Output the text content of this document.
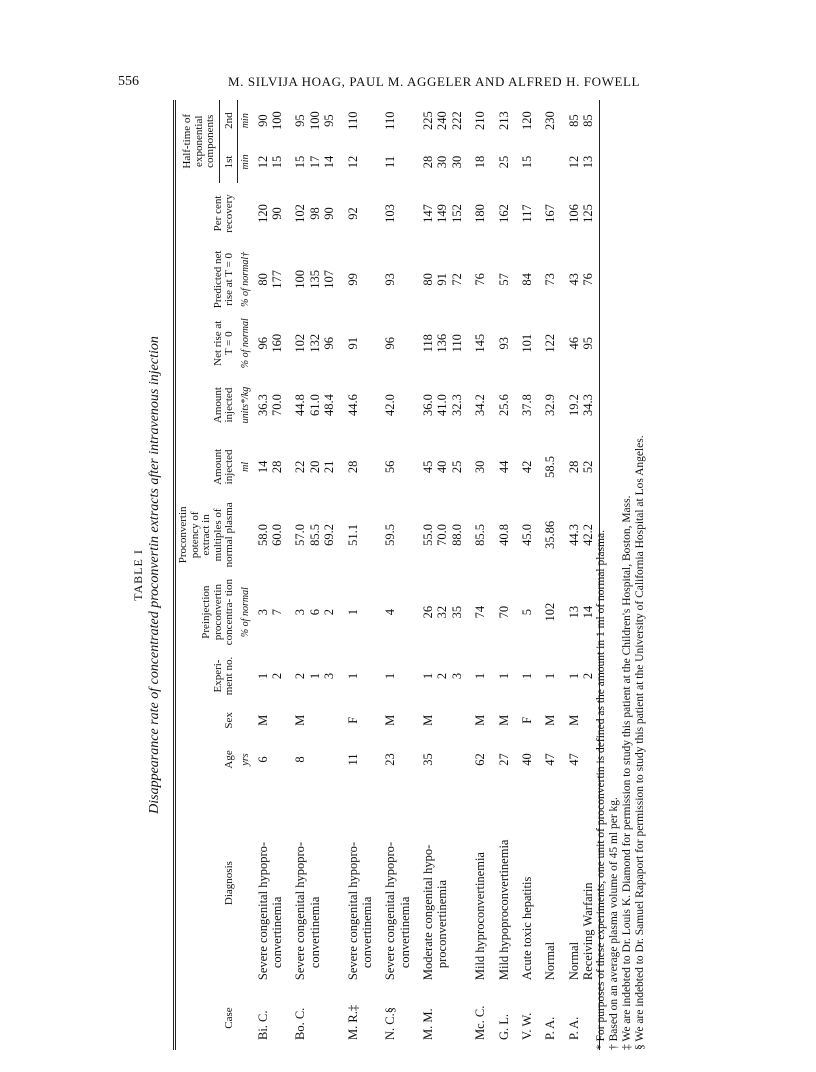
556	M. SILVIJA HOAG, PAUL M. AGGELER AND ALFRED H. FOWELL
TABLE I Disappearance rate of concentrated proconvertin extracts after intravenous injection
Case	Diagnosis	Age	Sex	Experi- ment no.	Preinjection proconvertin concentra- tion	Proconvertin potency of extract in multiples of normal plasma	Amount injected	Amount injected	Net rise at T = 0	Predicted net rise at T = 0	Per cent recovery	Half-time of exponential components	
												1st	2nd
		yrs			% of normal		ml	units*/kg	% of normal	% of normal†		min	min
Bi. C.	Severe congenital hypopro- convertinemia	6	M	1 2	3 7	58.0 60.0	14 28	36.3 70.0	96 160	80 177	120 90	12 15	90 100

Bo. C.	Severe congenital hypopro- convertinemia	8	M	2 1 3	3 6 2	57.0 85.5 69.2	22 20 21	44.8 61.0 48.4	102 132 96	100 135 107	102 98 90	15 17 14	95 100 95

M. R.‡	Severe congenital hypopro- convertinemia	11	F	1	1	51.1	28	44.6	91	99	92	12	110

N. C.§	Severe congenital hypopro- convertinemia	23	M	1	4	59.5	56	42.0	96	93	103	11	110

M. M.	Moderate congenital hypo- proconvertinemia	35	M	1 2 3	26 32 35	55.0 70.0 88.0	45 40 25	36.0 41.0 32.3	118 136 110	80 91 72	147 149 152	28 30 30	225 240 222

Mc. C.	Mild hyproconvertinemia	62	M	1	74	85.5	30	34.2	145	76	180	18	210

G. L.	Mild hypoproconvertinemia	27	M	1	70	40.8	44	25.6	93	57	162	25	213

V. W.	Acute toxic hepatitis	40	F	1	5	45.0	42	37.8	101	84	117	15	120

P. A.	Normal	47	M	1	102	35.86	58.5	32.9	122	73	167		230

P. A.	Normal	47	M	1	13	44.3	28	19.2	46	43	106	12	85

	Receiving Warfarin			2	14	42.2	52	34.3	95	76	125	13	85
* For purposes of these experiments, one unit of proconvertin is defined as the amount in 1 ml of normal plasma. † Based on an average plasma volume of 45 ml per kg. ‡ We are indebted to Dr. Louis K. Diamond for permission to study this patient at the Children's Hospital, Boston, Mass. § We are indebted to Dr. Samuel Rapaport for permission to study this patient at the University of California Hospital at Los Angeles.
